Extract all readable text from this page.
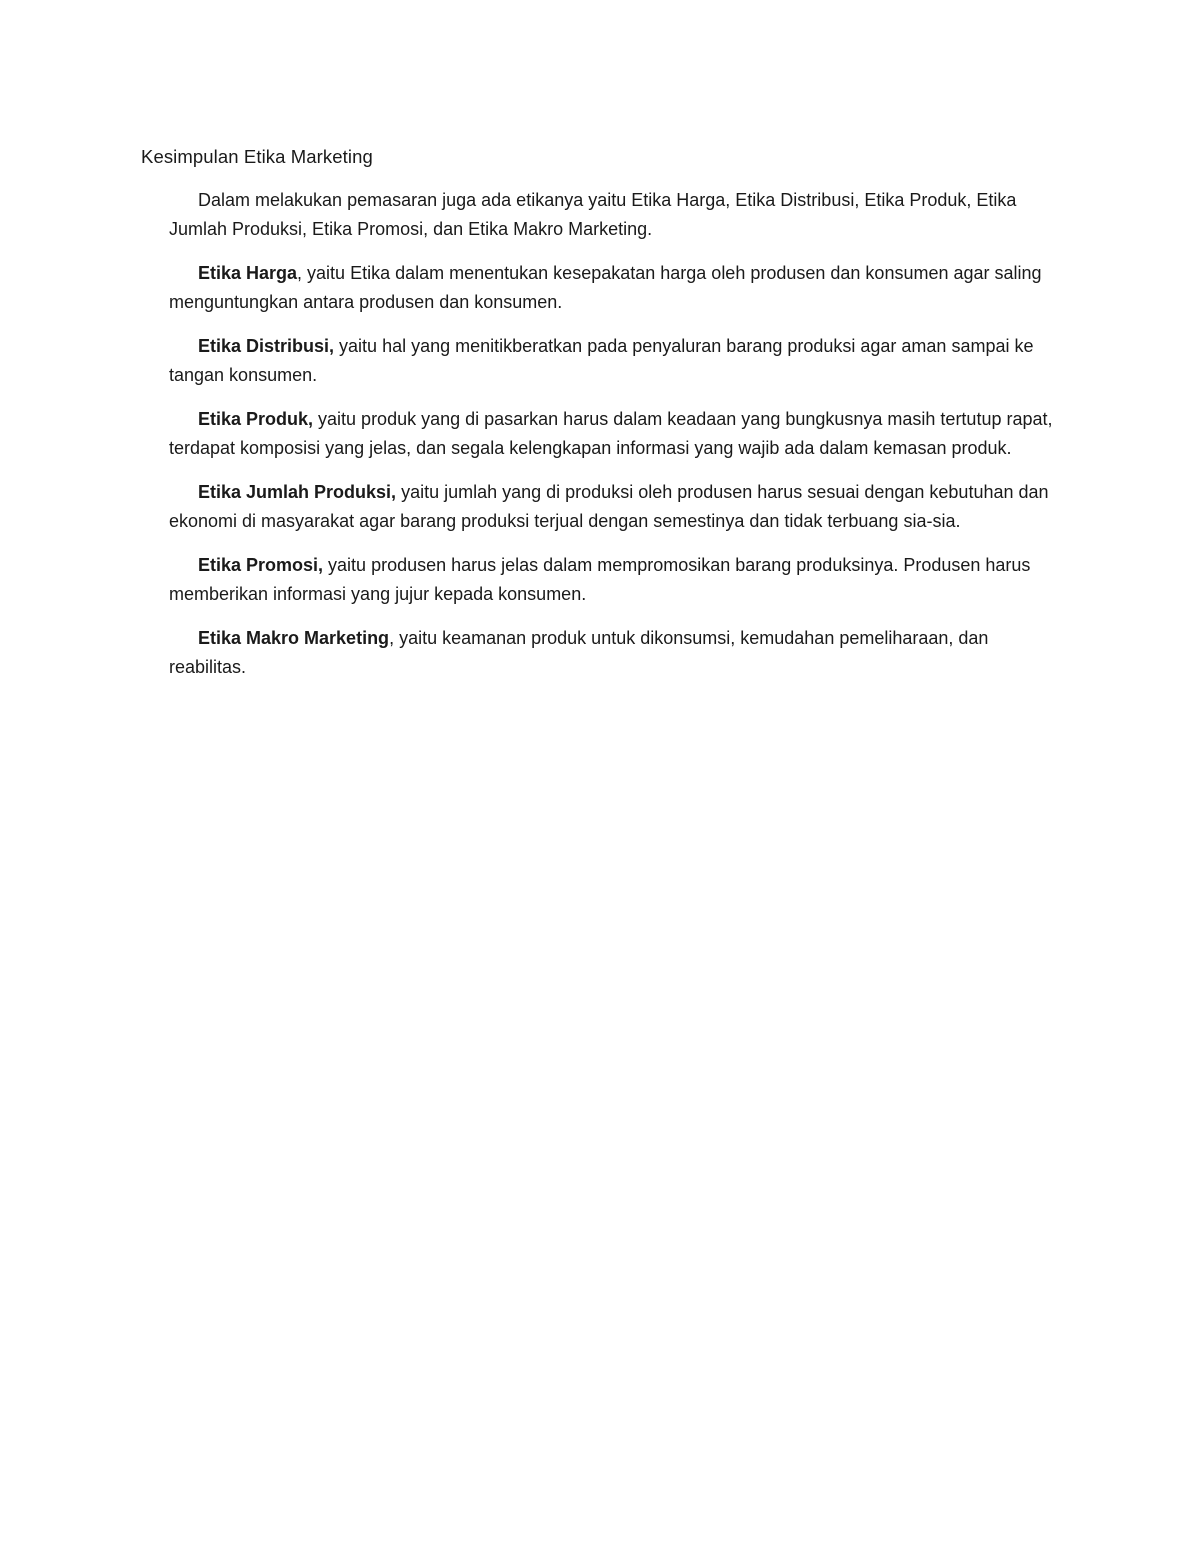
Kesimpulan Etika Marketing

Dalam melakukan pemasaran juga ada etikanya yaitu Etika Harga, Etika Distribusi, Etika Produk, Etika Jumlah Produksi, Etika Promosi, dan Etika Makro Marketing.

Etika Harga, yaitu Etika dalam menentukan kesepakatan harga oleh produsen dan konsumen agar saling menguntungkan antara produsen dan konsumen.

Etika Distribusi, yaitu hal yang menitikberatkan pada penyaluran barang produksi agar aman sampai ke tangan konsumen.

Etika Produk, yaitu produk yang di pasarkan harus dalam keadaan yang bungkusnya masih tertutup rapat, terdapat komposisi yang jelas, dan segala kelengkapan informasi yang wajib ada dalam kemasan produk.

Etika Jumlah Produksi, yaitu jumlah yang di produksi oleh produsen harus sesuai dengan kebutuhan dan ekonomi di masyarakat agar barang produksi terjual dengan semestinya dan tidak terbuang sia-sia.

Etika Promosi, yaitu produsen harus jelas dalam mempromosikan barang produksinya. Produsen harus memberikan informasi yang jujur kepada konsumen.

Etika Makro Marketing, yaitu keamanan produk untuk dikonsumsi, kemudahan pemeliharaan, dan reabilitas.
